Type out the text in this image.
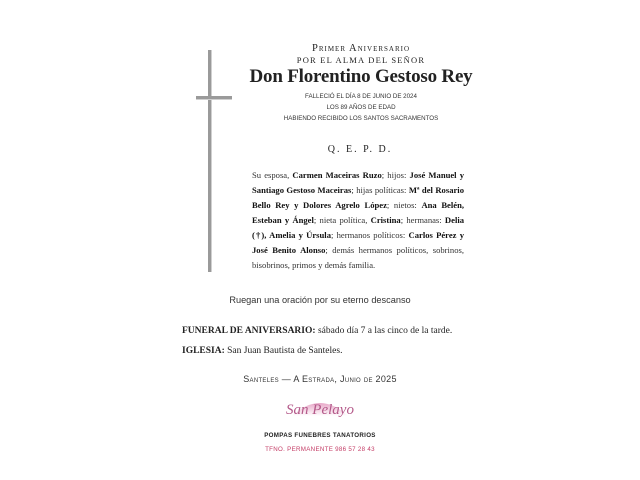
Primer Aniversario
POR EL ALMA DEL SEÑOR
Don Florentino Gestoso Rey
FALLECIÓ EL DÍA 8 DE JUNIO DE 2024
LOS 89 AÑOS DE EDAD
HABIENDO RECIBIDO LOS SANTOS SACRAMENTOS
Q. E. P. D.
Su esposa, Carmen Maceiras Ruzo; hijos: José Manuel y Santiago Gestoso Maceiras; hijas políticas: Mª del Rosario Bello Rey y Dolores Agrelo López; nietos: Ana Belén, Esteban y Ángel; nieta política, Cristina; hermanas: Delia (†), Amelia y Úrsula; hermanos políticos: Carlos Pérez y José Benito Alonso; demás hermanos políticos, sobrinos, bisobrinos, primos y demás familia.
Ruegan una oración por su eterno descanso
FUNERAL DE ANIVERSARIO: sábado día 7 a las cinco de la tarde.
IGLESIA: San Juan Bautista de Santeles.
Santeles — A Estrada, Junio de 2025
San Pelayo
POMPAS FUNEBRES TANATORIOS
TFNO. PERMANENTE 986 57 28 43
